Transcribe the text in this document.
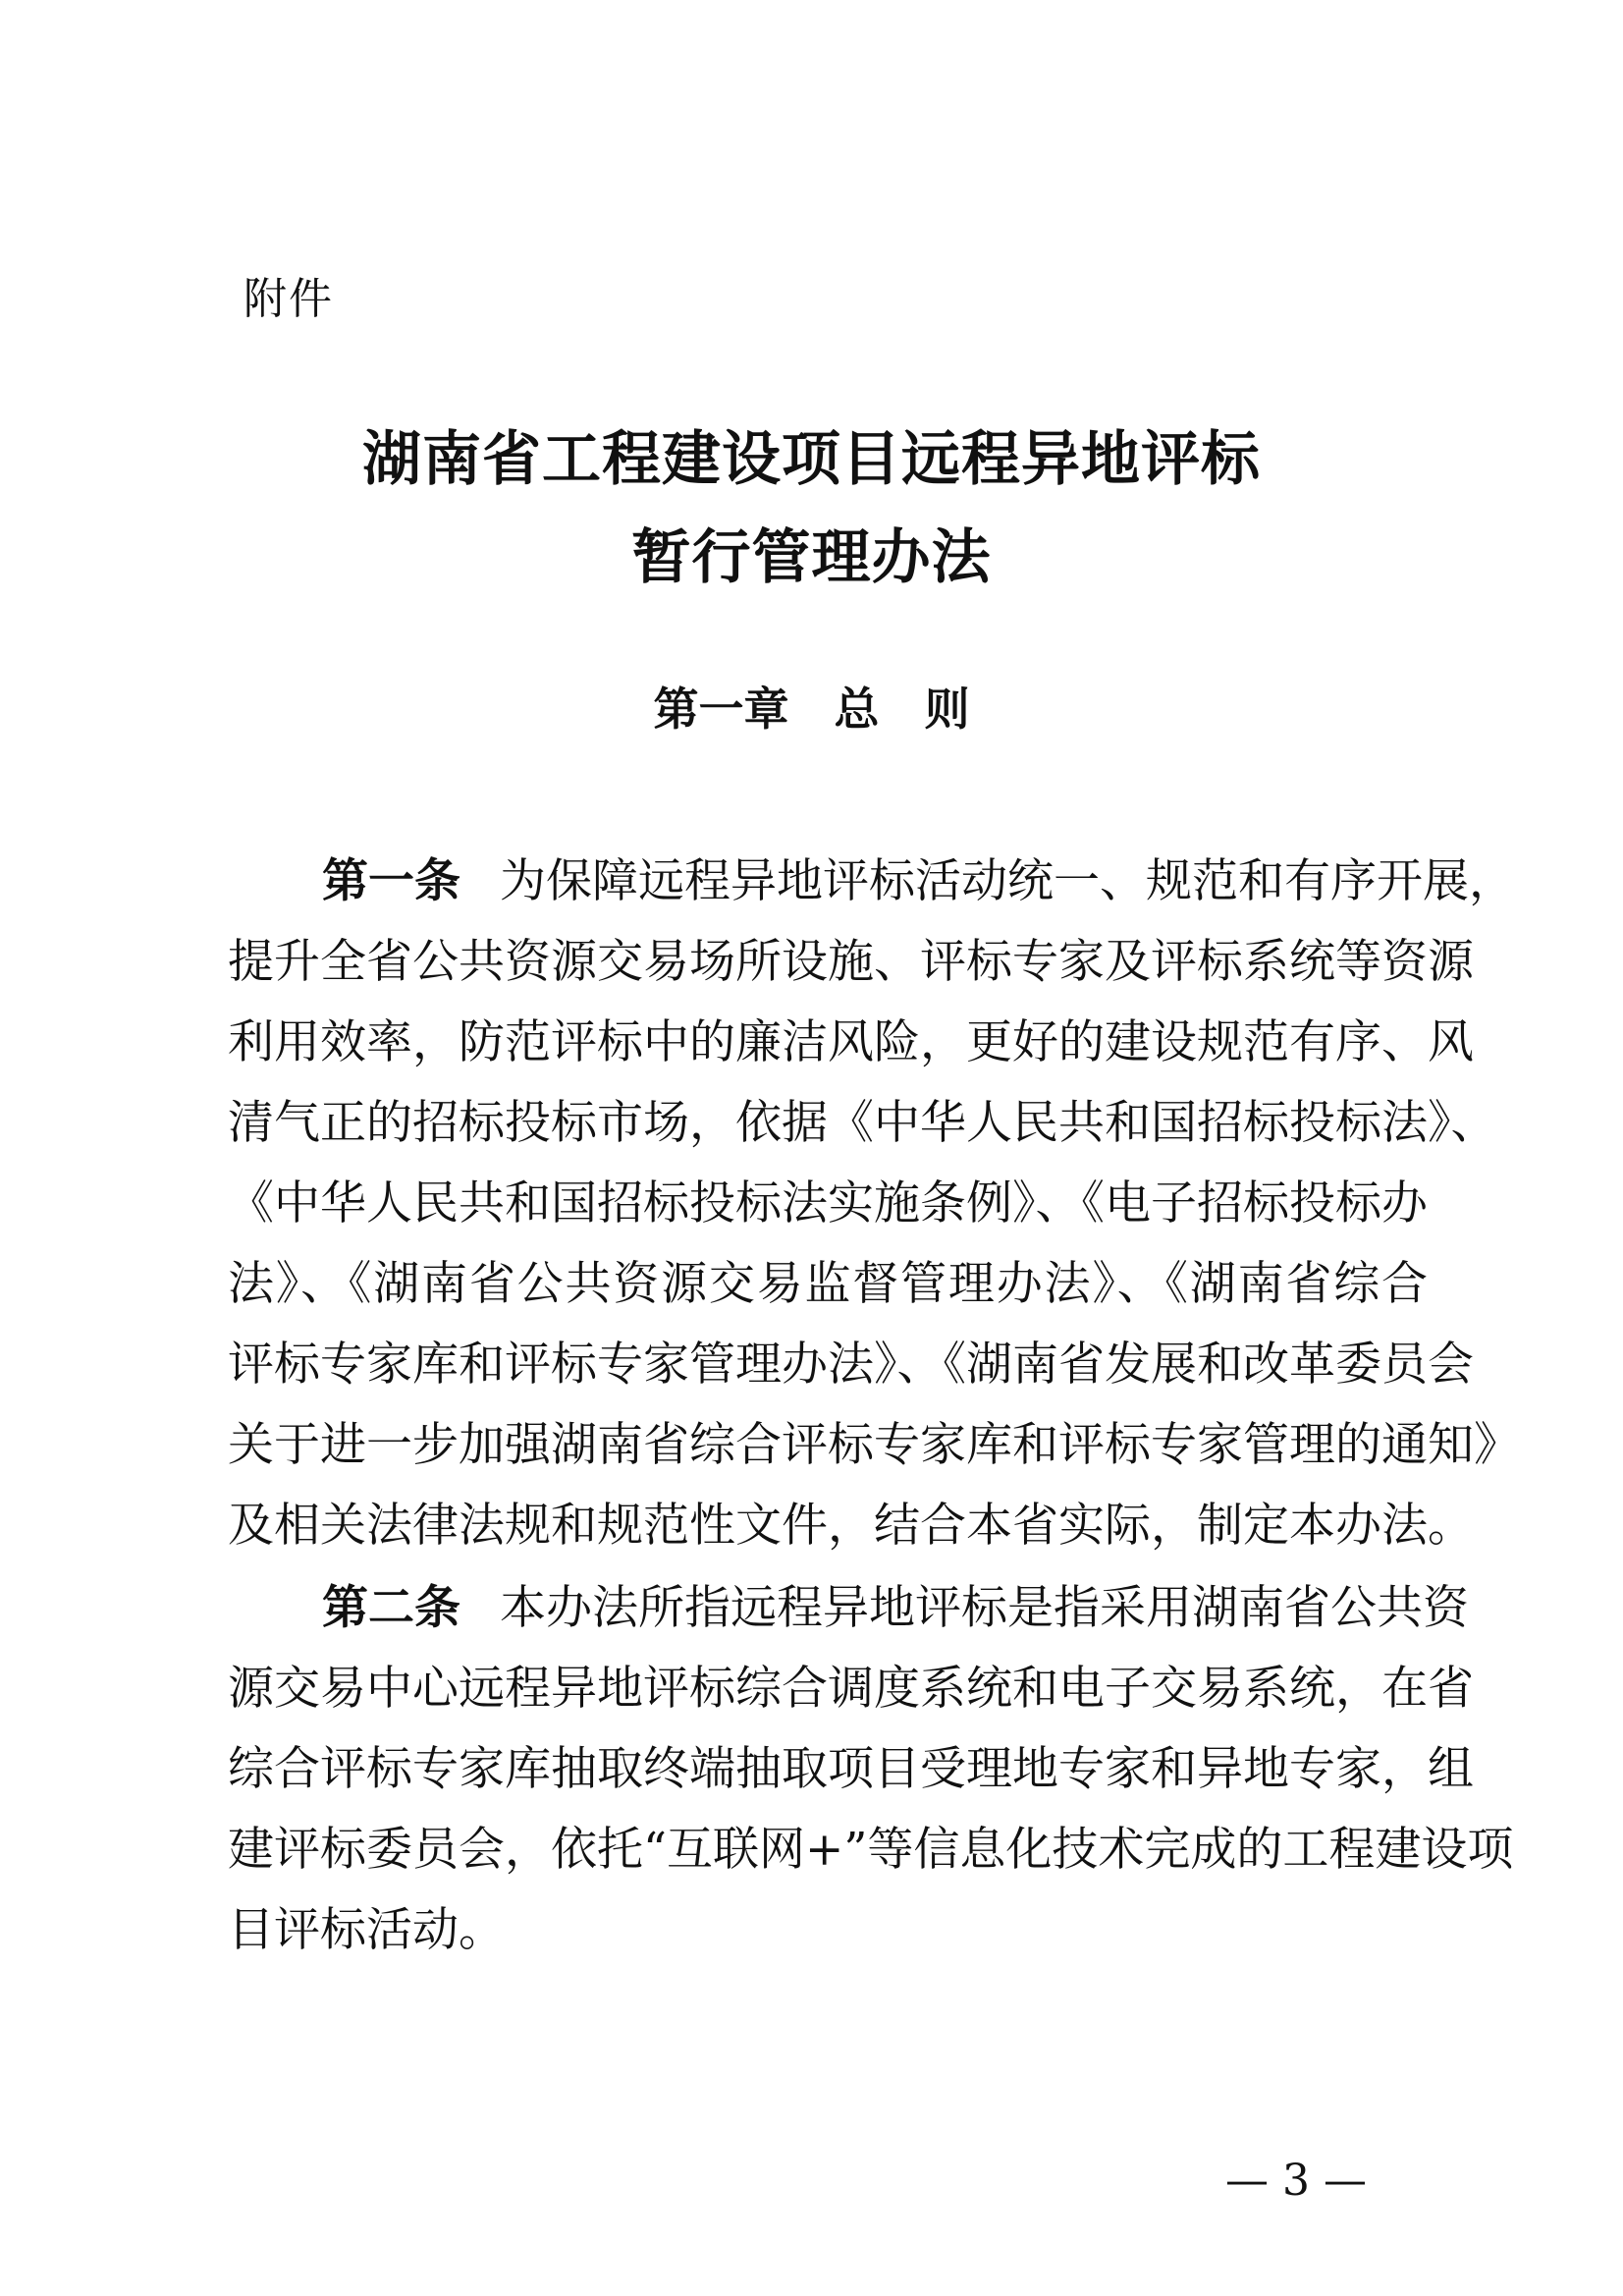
附件
湖南省工程建设项目远程异地评标
暂行管理办法
第一章　总　则
第一条 为保障远程异地评标活动统一、规范和有序开展，
提升全省公共资源交易场所设施、评标专家及评标系统等资源
利用效率，防范评标中的廉洁风险，更好的建设规范有序、风
清气正的招标投标市场，依据《中华人民共和国招标投标法》、
《中华人民共和国招标投标法实施条例》、《电子招标投标办
法》、《湖南省公共资源交易监督管理办法》、《湖南省综合
评标专家库和评标专家管理办法》、《湖南省发展和改革委员会
关于进一步加强湖南省综合评标专家库和评标专家管理的通知》
及相关法律法规和规范性文件，结合本省实际，制定本办法。
第二条 本办法所指远程异地评标是指采用湖南省公共资
源交易中心远程异地评标综合调度系统和电子交易系统，在省
综合评标专家库抽取终端抽取项目受理地专家和异地专家，组
建评标委员会，依托“互联网+”等信息化技术完成的工程建设项
目评标活动。
— 3 —
